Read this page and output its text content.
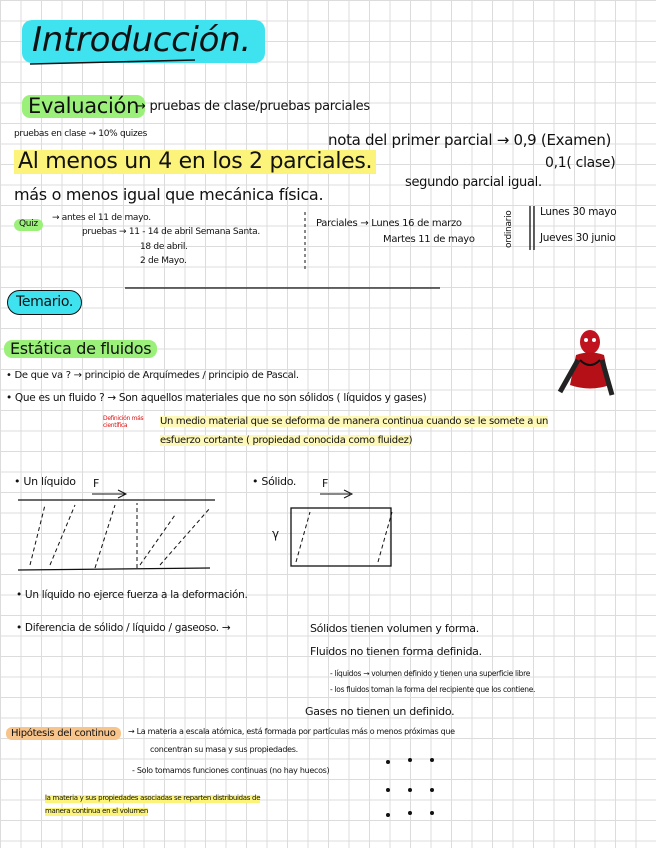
Introducción.
Evaluación
→ pruebas de clase/pruebas parciales
pruebas en clase → 10% quizes
Al menos un 4 en los 2 parciales.
más o menos igual que mecánica física.
nota del primer parcial → 0,9 (Examen)
0,1( clase)
segundo parcial igual.
Quiz
→ antes el 11 de mayo.
pruebas → 11 - 14 de abril Semana Santa.
18 de abril.
2 de Mayo.
Parciales → Lunes 16 de marzo
Martes 11 de mayo	ordinario Lunes 30 mayo
Jueves 30 junio
Temario.
Estática de fluidos
• De que va ? → principio de Arquímedes / principio de Pascal.
• Que es un fluido ? → Son aquellos materiales que no son sólidos ( líquidos y gases)
Definición más científica	Un medio material que se deforma de manera continua cuando se le somete a un
esfuerzo cortante ( propiedad conocida como fluidez)
• Un líquido F	• Sólido. F
γ
• Un líquido no ejerce fuerza a la deformación.
• Diferencia de sólido / líquido / gaseoso. →	Sólidos tienen volumen y forma.
Fluidos no tienen forma definida.
- líquidos → volumen definido y tienen una superficie libre
- los fluidos toman la forma del recipiente que los contiene.
Gases no tienen un definido.
Hipótesis del continuo	→ La materia a escala atómica, está formada por partículas más o menos próximas que
concentran su masa y sus propiedades.
- Solo tomamos funciones continuas (no hay huecos)
la materia y sus propiedades asociadas se reparten distribuidas de
manera continua en el volumen
